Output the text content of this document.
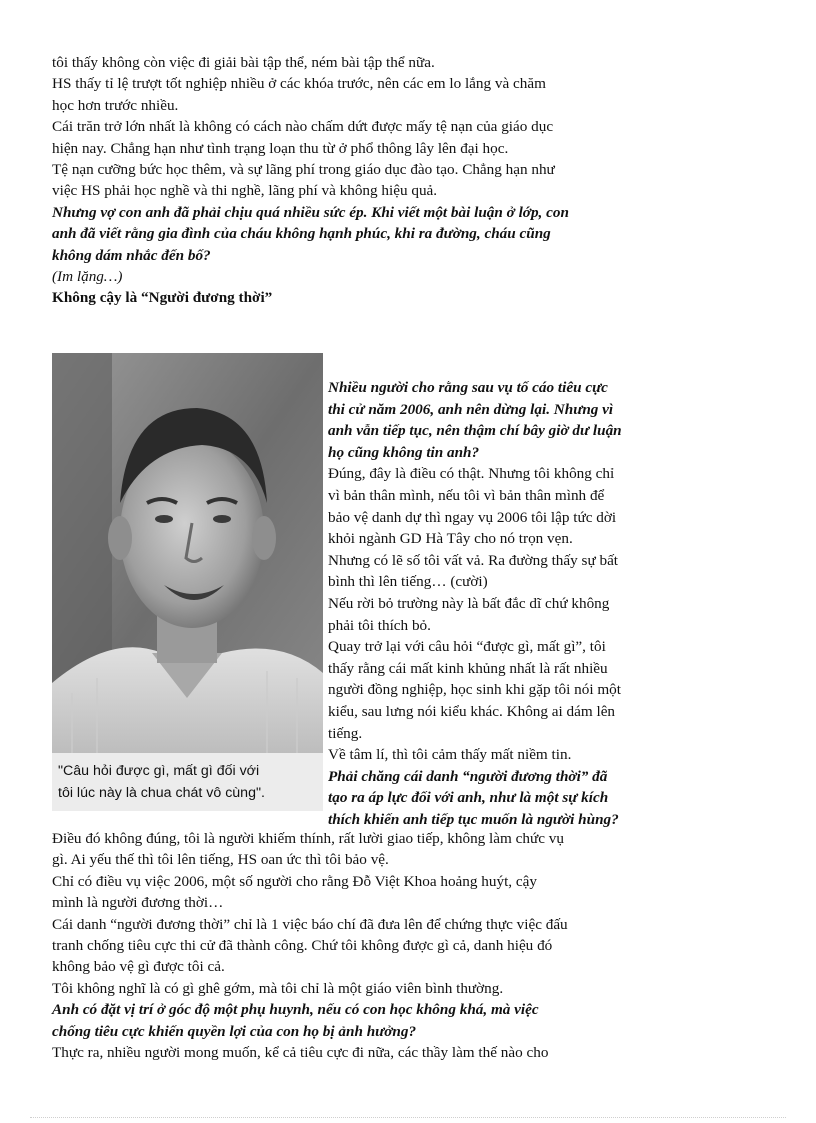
tôi thấy không còn việc đi giải bài tập thể, ném bài tập thể nữa.

HS thấy tỉ lệ trượt tốt nghiệp nhiều ở các khóa trước, nên các em lo lắng và chăm

học hơn trước nhiều.

Cái trăn trở lớn nhất là không có cách nào chấm dứt được mấy tệ nạn của giáo dục

hiện nay. Chẳng hạn như tình trạng loạn thu từ ở phổ thông lây lên đại học.

Tệ nạn cưỡng bức học thêm, và sự lãng phí trong giáo dục đào tạo. Chẳng hạn như

việc HS phải học nghề và thi nghề, lãng phí và không hiệu quả.

Nhưng vợ con anh đã phải chịu quá nhiều sức ép. Khi viết một bài luận ở lớp, con

anh đã viết rằng gia đình của cháu không hạnh phúc, khi ra đường, cháu cũng

không dám nhắc đến bố?

(Im lặng…)

Không cậy là “Người đương thời”

"Câu hỏi được gì, mất gì đối với
tôi lúc này là chua chát vô cùng".

Nhiều người cho rằng sau vụ tố cáo tiêu cực

thi cử năm 2006, anh nên dừng lại. Nhưng vì

anh vẫn tiếp tục, nên thậm chí bây giờ dư luận

họ cũng không tin anh?

Đúng, đây là điều có thật. Nhưng tôi không chỉ

vì bản thân mình, nếu tôi vì bản thân mình để

bảo vệ danh dự thì ngay vụ 2006 tôi lập tức dời

khỏi ngành GD Hà Tây cho nó trọn vẹn.

Nhưng có lẽ số tôi vất vả. Ra đường thấy sự bất

bình thì lên tiếng… (cười)

Nếu rời bỏ trường này là bất đắc dĩ chứ không

phải tôi thích bỏ.

Quay trở lại với câu hỏi “được gì, mất gì”, tôi

thấy rằng cái mất kinh khủng nhất là rất nhiều

người đồng nghiệp, học sinh khi gặp tôi nói một

kiểu, sau lưng nói kiểu khác. Không ai dám lên

tiếng.

Về tâm lí, thì tôi cảm thấy mất niềm tin.

Phải chăng cái danh “người đương thời” đã

tạo ra áp lực đối với anh, như là một sự kích

thích khiến anh tiếp tục muốn là người hùng?

Điều đó không đúng, tôi là người khiếm thính, rất lười giao tiếp, không làm chức vụ

gì. Ai yếu thế thì tôi lên tiếng, HS oan ức thì tôi bảo vệ.

Chỉ có điều vụ việc 2006, một số người cho rằng Đỗ Việt Khoa hoảng huýt, cậy

mình là người đương thời…

Cái danh “người đương thời” chỉ là 1 việc báo chí đã đưa lên để chứng thực việc đấu

tranh chống tiêu cực thi cử đã thành công. Chứ tôi không được gì cả, danh hiệu đó

không bảo vệ gì được tôi cả.

Tôi không nghĩ là có gì ghê gớm, mà tôi chỉ là một giáo viên bình thường.

Anh có đặt vị trí ở góc độ một phụ huynh, nếu có con học không khá, mà việc

chống tiêu cực khiến quyền lợi của con họ bị ảnh hưởng?

Thực ra, nhiều người mong muốn, kể cả tiêu cực đi nữa, các thầy làm thế nào cho
